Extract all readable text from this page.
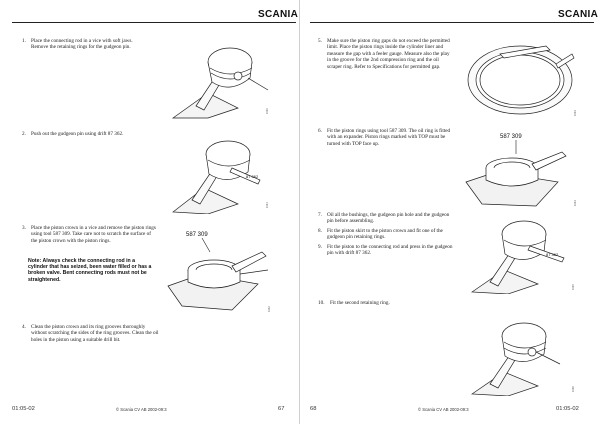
SCANIA
1. Place the connecting rod in a vice with soft jaws. Remove the retaining rings for the gudgeon pin.
1040
2. Push out the gudgeon pin using drift 87 362.
87 362
1041
3. Place the piston crown in a vice and remove the piston rings using tool 587 309. Take care not to scratch the surface of the piston crown with the piston rings.
Note: Always check the connecting rod in a cylinder that has seized, been water filled or has a broken valve. Bent connecting rods must not be straightened.
587 309
1042
4. Clean the piston crown and its ring grooves thoroughly without scratching the sides of the ring grooves. Clean the oil holes in the piston using a suitable drill bit.
01:05-02	© Scania CV AB 2002-09:3	67
SCANIA
5. Make sure the piston ring gaps do not exceed the permitted limit. Place the piston rings inside the cylinder liner and measure the gap with a feeler gauge. Measure also the play in the groove for the 2nd compression ring and the oil scraper ring. Refer to Specifications for permitted gap.
1043
6. Fit the piston rings using tool 587 309. The oil ring is fitted with an expander. Piston rings marked with TOP must be turned with TOP face up.
587 309
1044
7. Oil all the bushings, the gudgeon pin hole and the gudgeon pin before assembling.
8. Fit the piston skirt to the piston crown and fit one of the gudgeon pin retaining rings.
9. Fit the piston to the connecting rod and press in the gudgeon pin with drift 87 362.	87 362
1045
10. Fit the second retaining ring.
1046
68	© Scania CV AB 2002-09:3	01:05-02
